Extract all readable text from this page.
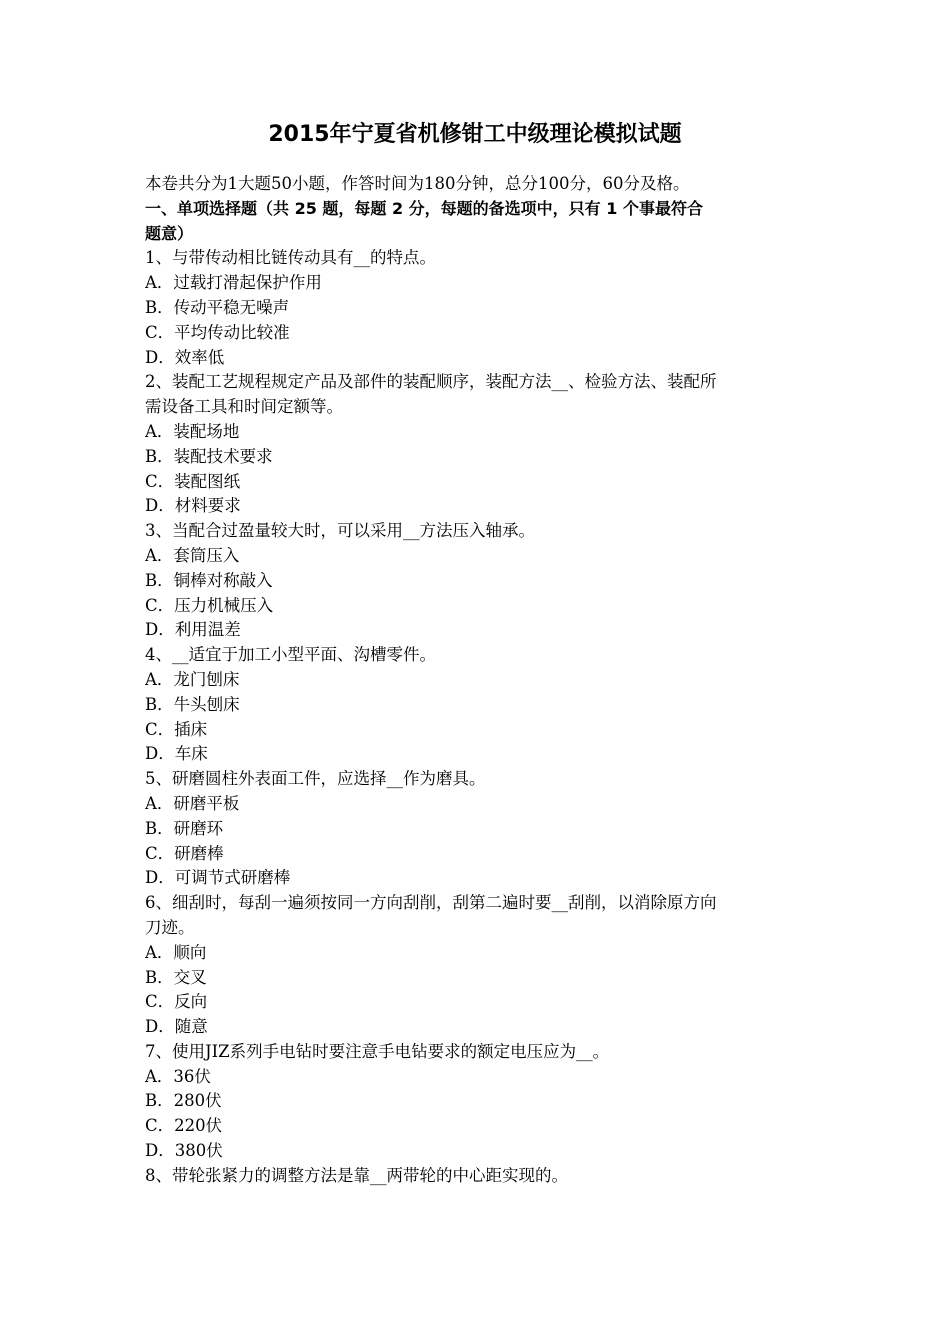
2015年宁夏省机修钳工中级理论模拟试题
本卷共分为1大题50小题，作答时间为180分钟，总分100分，60分及格。
一、单项选择题（共 25 题，每题 2 分，每题的备选项中，只有 1 个事最符合
题意）
1、与带传动相比链传动具有__的特点。
A．过载打滑起保护作用
B．传动平稳无噪声
C．平均传动比较准
D．效率低
2、装配工艺规程规定产品及部件的装配顺序，装配方法__、检验方法、装配所
需设备工具和时间定额等。
A．装配场地
B．装配技术要求
C．装配图纸
D．材料要求
3、当配合过盈量较大时，可以采用__方法压入轴承。
A．套筒压入
B．铜棒对称敲入
C．压力机械压入
D．利用温差
4、__适宜于加工小型平面、沟槽零件。
A．龙门刨床
B．牛头刨床
C．插床
D．车床
5、研磨圆柱外表面工件，应选择__作为磨具。
A．研磨平板
B．研磨环
C．研磨棒
D．可调节式研磨棒
6、细刮时，每刮一遍须按同一方向刮削，刮第二遍时要__刮削，以消除原方向
刀迹。
A．顺向
B．交叉
C．反向
D．随意
7、使用JIZ系列手电钻时要注意手电钻要求的额定电压应为__。
A．36伏
B．280伏
C．220伏
D．380伏
8、带轮张紧力的调整方法是靠__两带轮的中心距实现的。
